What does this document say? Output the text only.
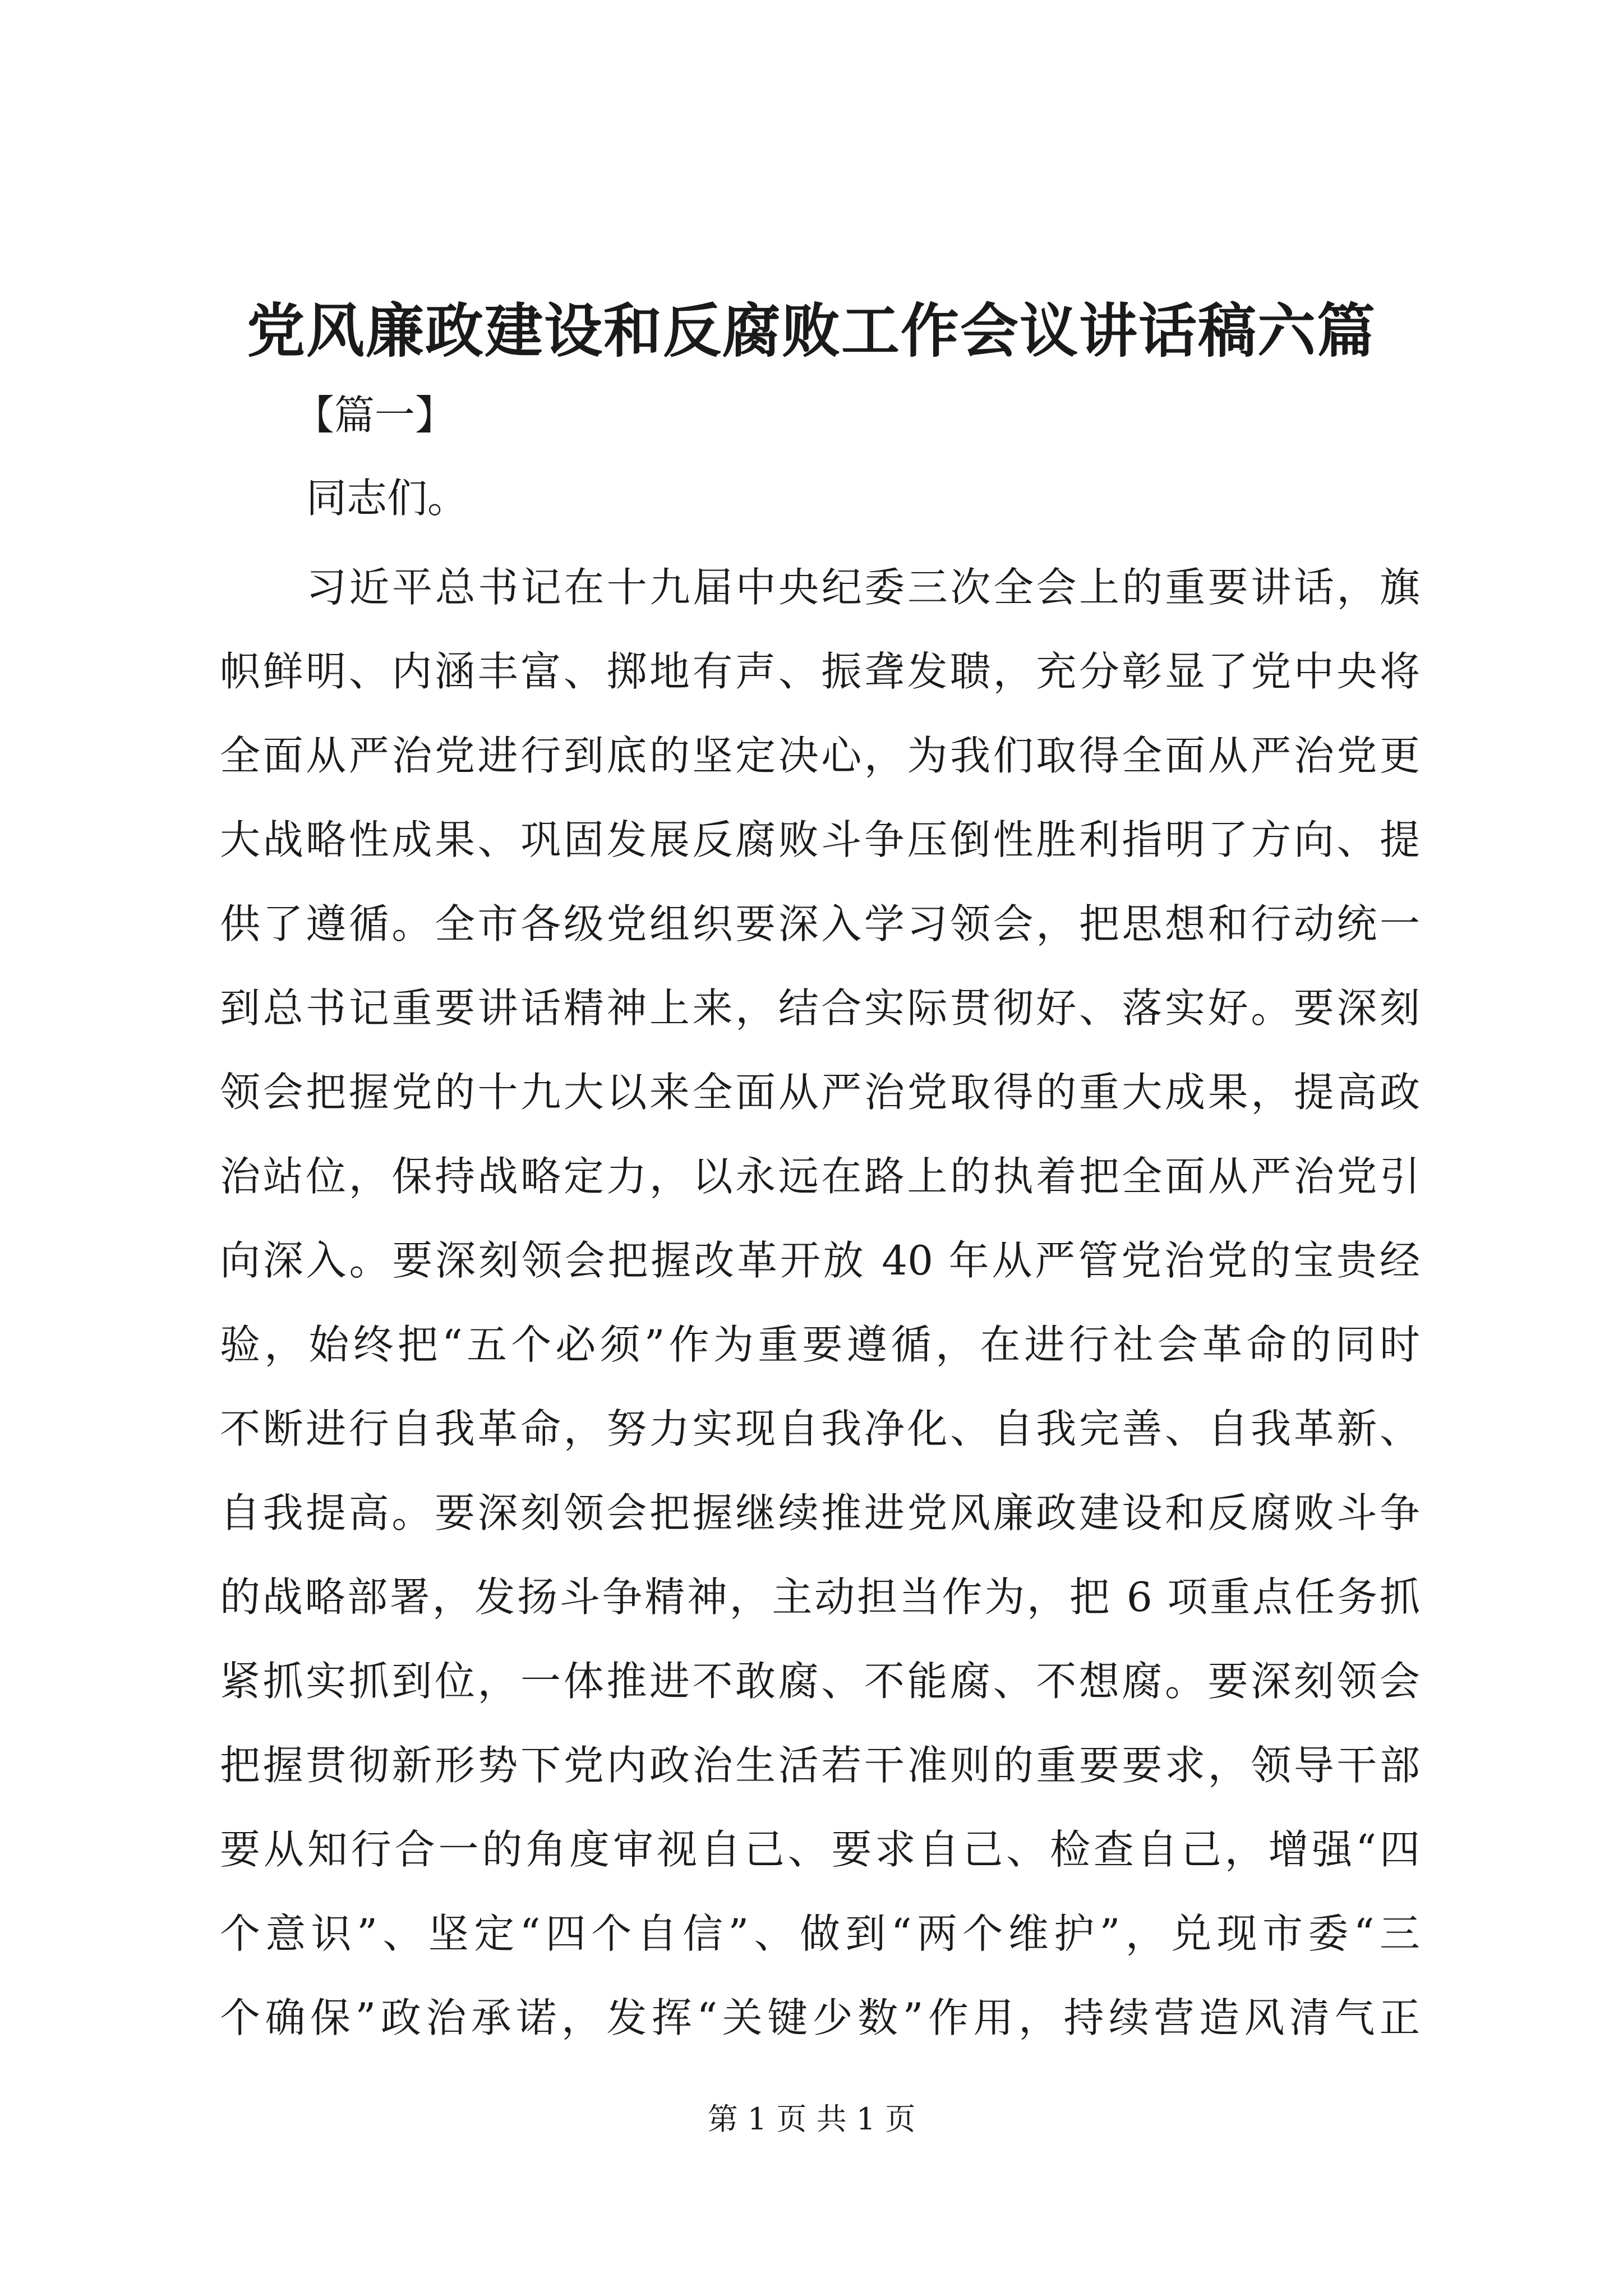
党风廉政建设和反腐败工作会议讲话稿六篇
【篇一】
同志们。
习近平总书记在十九届中央纪委三次全会上的重要讲话，旗
帜鲜明、内涵丰富、掷地有声、振聋发聩，充分彰显了党中央将
全面从严治党进行到底的坚定决心，为我们取得全面从严治党更
大战略性成果、巩固发展反腐败斗争压倒性胜利指明了方向、提
供了遵循。全市各级党组织要深入学习领会，把思想和行动统一
到总书记重要讲话精神上来，结合实际贯彻好、落实好。要深刻
领会把握党的十九大以来全面从严治党取得的重大成果，提高政
治站位，保持战略定力，以永远在路上的执着把全面从严治党引
向深入。要深刻领会把握改革开放 40 年从严管党治党的宝贵经
验，始终把“五个必须”作为重要遵循，在进行社会革命的同时
不断进行自我革命，努力实现自我净化、自我完善、自我革新、
自我提高。要深刻领会把握继续推进党风廉政建设和反腐败斗争
的战略部署，发扬斗争精神，主动担当作为，把 6 项重点任务抓
紧抓实抓到位，一体推进不敢腐、不能腐、不想腐。要深刻领会
把握贯彻新形势下党内政治生活若干准则的重要要求，领导干部
要从知行合一的角度审视自己、要求自己、检查自己，增强“四
个意识”、坚定“四个自信”、做到“两个维护”，兑现市委“三
个确保”政治承诺，发挥“关键少数”作用，持续营造风清气正
第 1 页 共 1 页
